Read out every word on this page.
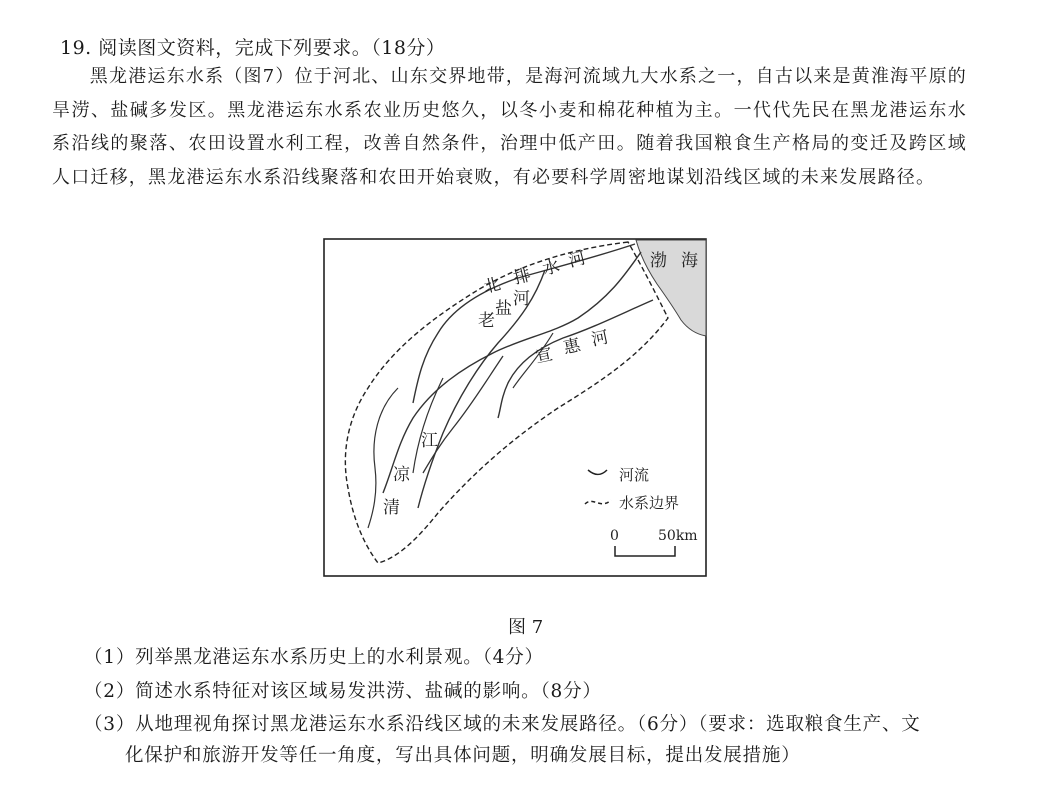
19. 阅读图文资料，完成下列要求。（18分）

黑龙港运东水系（图7）位于河北、山东交界地带，是海河流域九大水系之一，自古以来是黄淮海平原的旱涝、盐碱多发区。黑龙港运东水系农业历史悠久，以冬小麦和棉花种植为主。一代代先民在黑龙港运东水系沿线的聚落、农田设置水利工程，改善自然条件，治理中低产田。随着我国粮食生产格局的变迁及跨区域人口迁移，黑龙港运东水系沿线聚落和农田开始衰败，有必要科学周密地谋划沿线区域的未来发展路径。

渤 海
北 排 水 河
老
盐 河
宣 惠 河
江
凉
清
河流
水系边界
0	50km
图 7
（1）列举黑龙港运东水系历史上的水利景观。（4分）
（2）简述水系特征对该区域易发洪涝、盐碱的影响。（8分）
（3）从地理视角探讨黑龙港运东水系沿线区域的未来发展路径。（6分）（要求：选取粮食生产、文
化保护和旅游开发等任一角度，写出具体问题，明确发展目标，提出发展措施）
